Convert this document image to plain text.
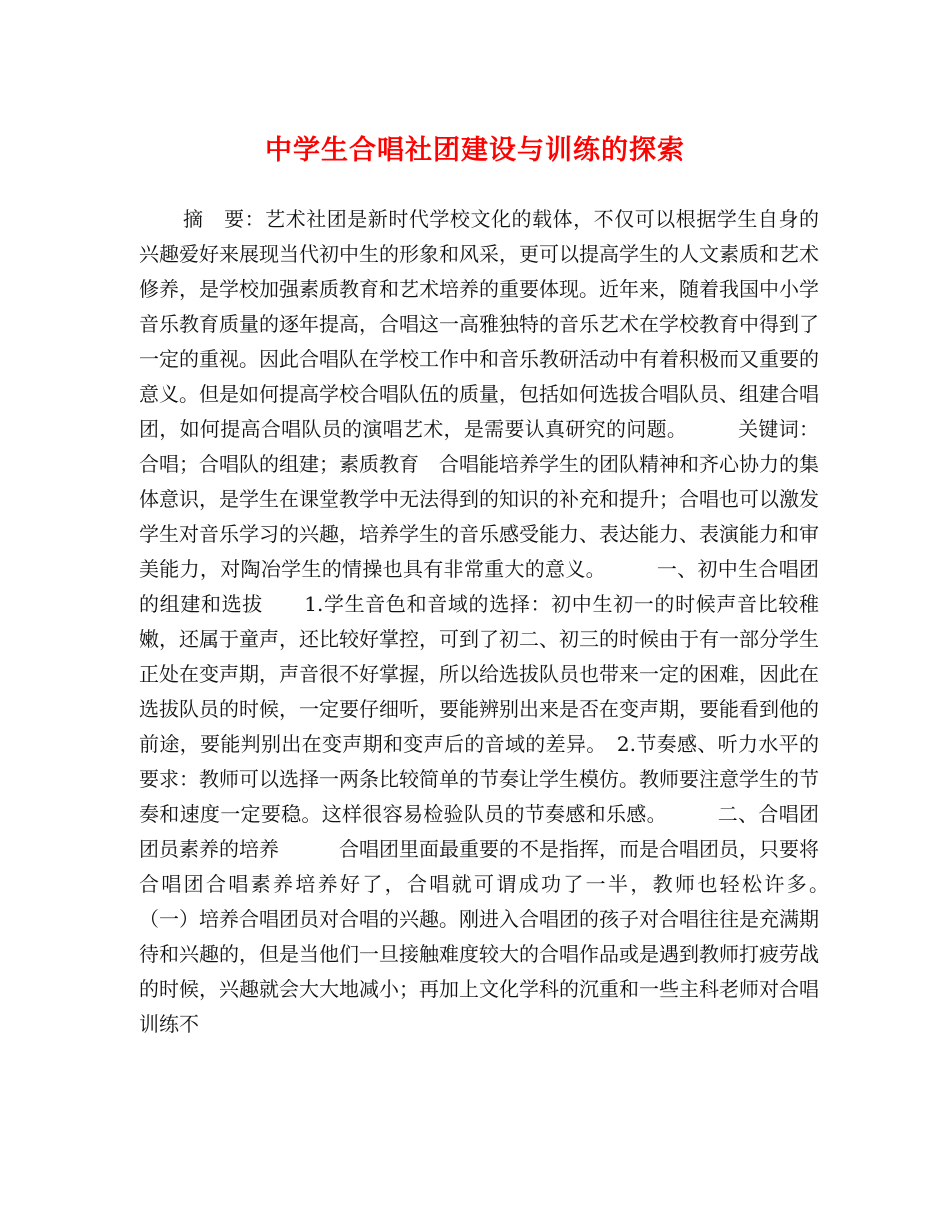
中学生合唱社团建设与训练的探索

摘　要：艺术社团是新时代学校文化的载体，不仅可以根据学生自身的兴趣爱好来展现当代初中生的形象和风采，更可以提高学生的人文素质和艺术修养，是学校加强素质教育和艺术培养的重要体现。近年来，随着我国中小学音乐教育质量的逐年提高，合唱这一高雅独特的音乐艺术在学校教育中得到了一定的重视。因此合唱队在学校工作中和音乐教研活动中有着积极而又重要的意义。但是如何提高学校合唱队伍的质量，包括如何选拔合唱队员、组建合唱团，如何提高合唱队员的演唱艺术，是需要认真研究的问题。　　　关键词：合唱；合唱队的组建；素质教育　合唱能培养学生的团队精神和齐心协力的集体意识，是学生在课堂教学中无法得到的知识的补充和提升；合唱也可以激发学生对音乐学习的兴趣，培养学生的音乐感受能力、表达能力、表演能力和审美能力，对陶冶学生的情操也具有非常重大的意义。　　　一、初中生合唱团的组建和选拔　　1.学生音色和音域的选择：初中生初一的时候声音比较稚嫩，还属于童声，还比较好掌控，可到了初二、初三的时候由于有一部分学生正处在变声期，声音很不好掌握，所以给选拔队员也带来一定的困难，因此在选拔队员的时候，一定要仔细听，要能辨别出来是否在变声期，要能看到他的前途，要能判别出在变声期和变声后的音域的差异。　2.节奏感、听力水平的要求：教师可以选择一两条比较简单的节奏让学生模仿。教师要注意学生的节奏和速度一定要稳。这样很容易检验队员的节奏感和乐感。　　　二、合唱团团员素养的培养　　　合唱团里面最重要的不是指挥，而是合唱团员，只要将合唱团合唱素养培养好了，合唱就可谓成功了一半，教师也轻松许多。　　　（一）培养合唱团员对合唱的兴趣。刚进入合唱团的孩子对合唱往往是充满期待和兴趣的，但是当他们一旦接触难度较大的合唱作品或是遇到教师打疲劳战的时候，兴趣就会大大地减小；再加上文化学科的沉重和一些主科老师对合唱训练不
